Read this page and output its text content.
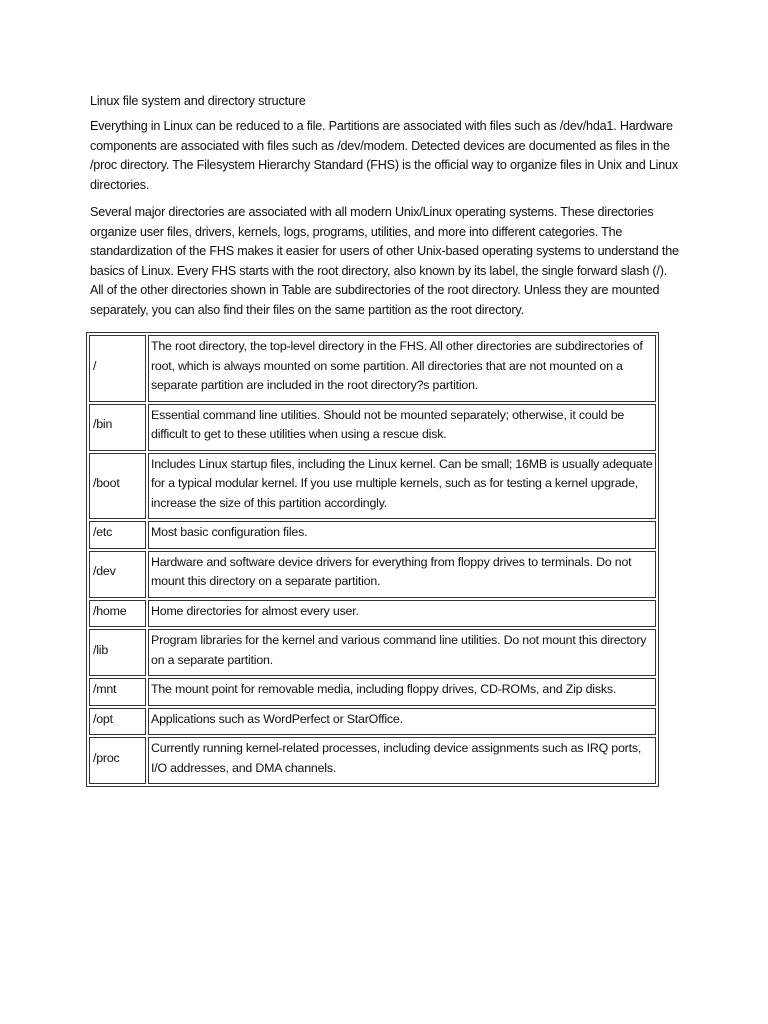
Linux file system and directory structure

Everything in Linux can be reduced to a file. Partitions are associated with files such as /dev/hda1. Hardware components are associated with files such as /dev/modem. Detected devices are documented as files in the /proc directory. The Filesystem Hierarchy Standard (FHS) is the official way to organize files in Unix and Linux directories.

Several major directories are associated with all modern Unix/Linux operating systems. These directories organize user files, drivers, kernels, logs, programs, utilities, and more into different categories. The standardization of the FHS makes it easier for users of other Unix-based operating systems to understand the basics of Linux. Every FHS starts with the root directory, also known by its label, the single forward slash (/). All of the other directories shown in Table are subdirectories of the root directory. Unless they are mounted separately, you can also find their files on the same partition as the root directory.

/	The root directory, the top-level directory in the FHS. All other directories are subdirectories of root, which is always mounted on some partition. All directories that are not mounted on a separate partition are included in the root directory?s partition.
/bin	Essential command line utilities. Should not be mounted separately; otherwise, it could be difficult to get to these utilities when using a rescue disk.
/boot	Includes Linux startup files, including the Linux kernel. Can be small; 16MB is usually adequate for a typical modular kernel. If you use multiple kernels, such as for testing a kernel upgrade, increase the size of this partition accordingly.
/etc	Most basic configuration files.
/dev	Hardware and software device drivers for everything from floppy drives to terminals. Do not mount this directory on a separate partition.
/home	Home directories for almost every user.
/lib	Program libraries for the kernel and various command line utilities. Do not mount this directory on a separate partition.
/mnt	The mount point for removable media, including floppy drives, CD-ROMs, and Zip disks.
/opt	Applications such as WordPerfect or StarOffice.
/proc	Currently running kernel-related processes, including device assignments such as IRQ ports, I/O addresses, and DMA channels.
